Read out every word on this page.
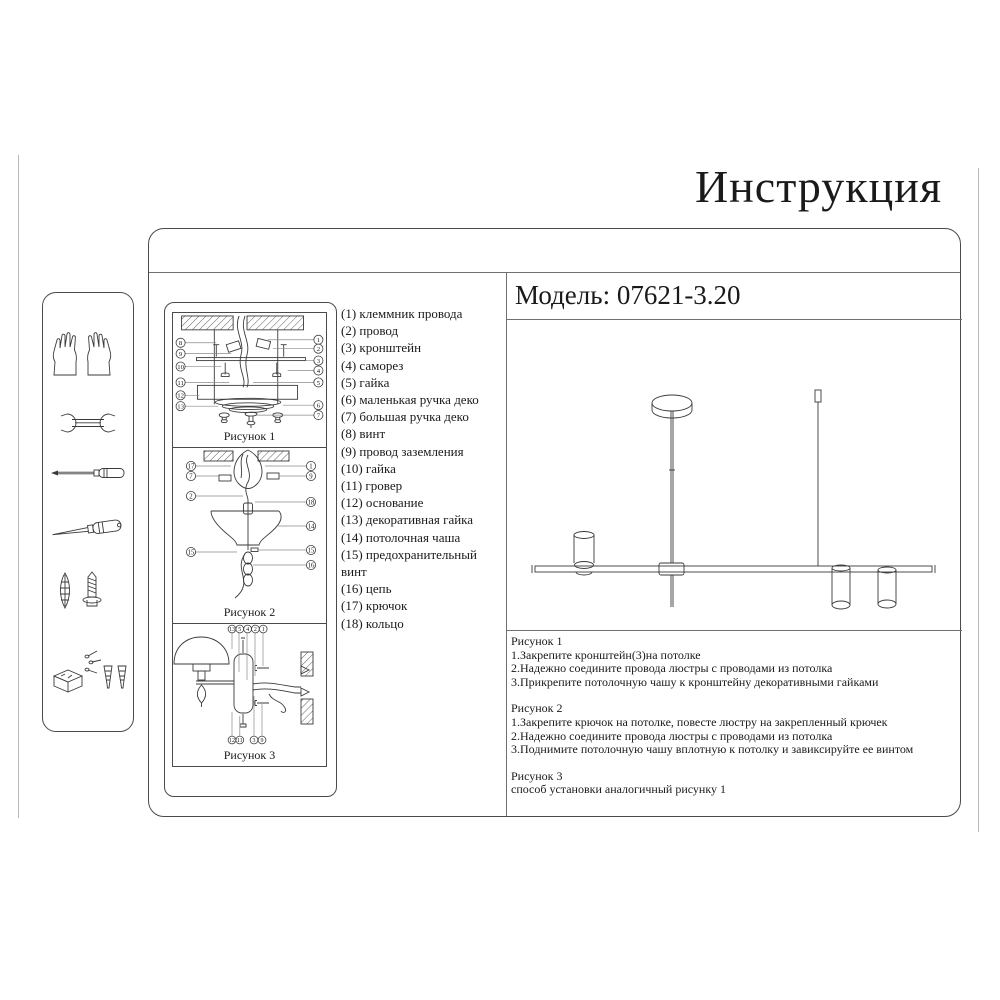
Инструкция
8
9
10
11
12
13
1
2
3
4
5
6
7
Рисунок 1
17
7
2
15
1
9
18
14
15
16
Рисунок 2
13 5 4 2 1
12 11 3 9
Рисунок 3
(1) клеммник провода
(2) провод
(3) кронштейн
(4) саморез
(5) гайка
(6) маленькая ручка деко
(7) большая ручка деко
(8) винт
(9) провод заземления
(10) гайка
(11) гровер
(12) основание
(13) декоративная гайка
(14) потолочная чаша
(15) предохранительный винт
(16) цепь
(17) крючок
(18) кольцо
Модель: 07621-3.20
Рисунок 1
1.Закрепите кронштейн(3)на потолке
2.Надежно соедините провода люстры с проводами из потолка
3.Прикрепите потолочную чашу к кронштейну декоративными гайками
Рисунок 2
1.Закрепите крючок на потолке, повесте люстру на закрепленный крючек
2.Надежно соедините провода люстры с проводами из потолка
3.Поднимите потолочную чашу вплотную к потолку и завиксируйте ее винтом
Рисунок 3
способ установки аналогичный рисунку 1
